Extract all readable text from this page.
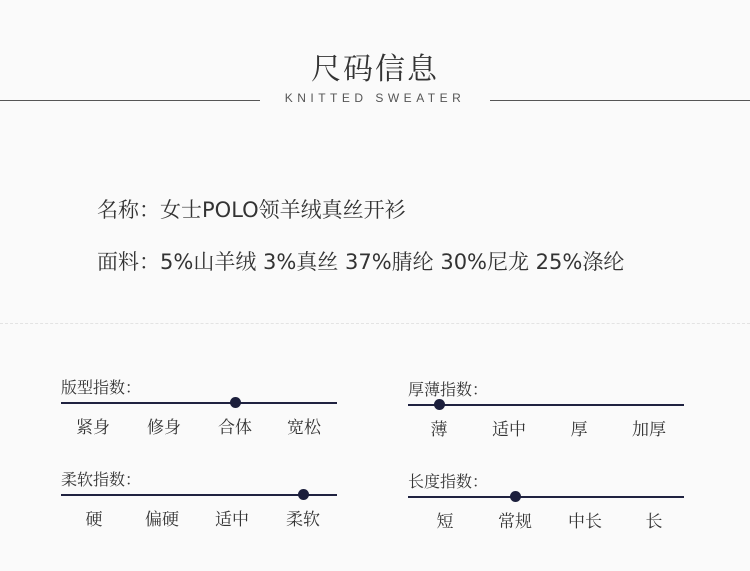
尺码信息
KNITTED SWEATER
名称：女士POLO领羊绒真丝开衫
面料：5%山羊绒 3%真丝 37%腈纶 30%尼龙 25%涤纶
版型指数：
紧身 修身 合体 宽松
厚薄指数：
薄	适中	厚	加厚
柔软指数：
硬	偏硬 适中 柔软
长度指数：
短	常规 中长	长
